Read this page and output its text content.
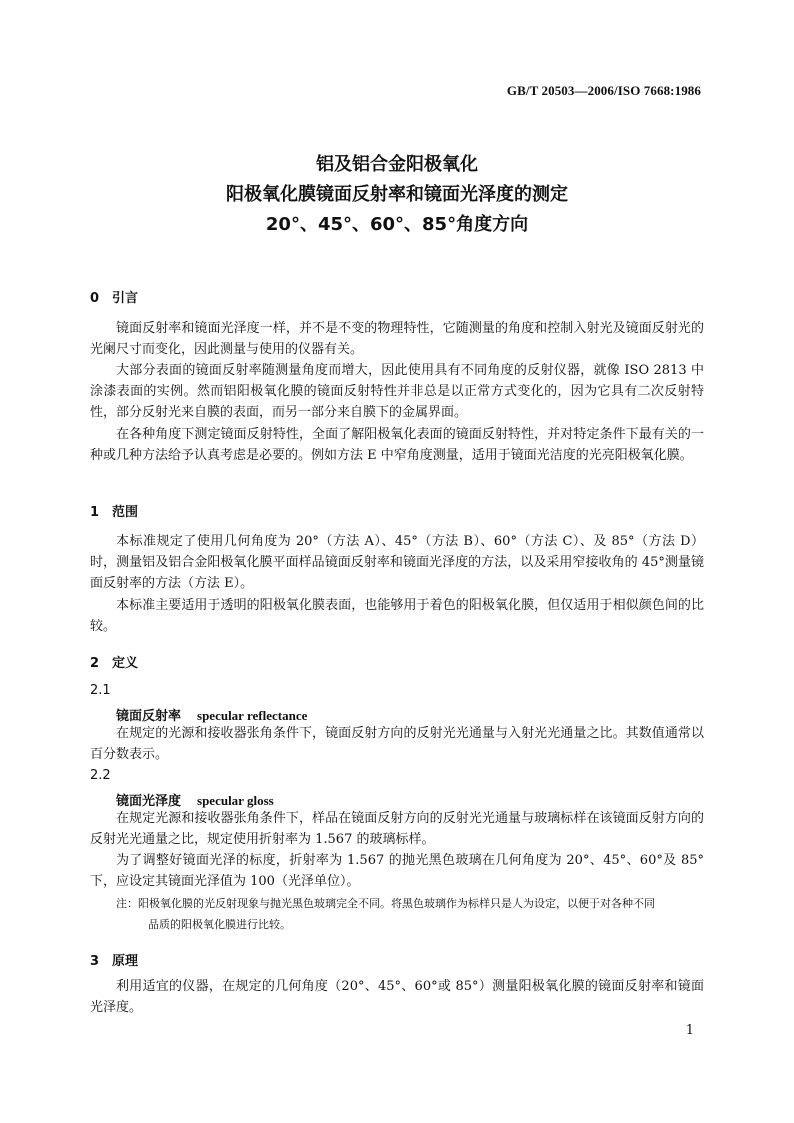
GB/T 20503—2006/ISO 7668:1986
铝及铝合金阳极氧化
阳极氧化膜镜面反射率和镜面光泽度的测定
20°、45°、60°、85°角度方向
0 引言
镜面反射率和镜面光泽度一样，并不是不变的物理特性，它随测量的角度和控制入射光及镜面反射光的光阑尺寸而变化，因此测量与使用的仪器有关。
大部分表面的镜面反射率随测量角度而增大，因此使用具有不同角度的反射仪器，就像 ISO 2813 中涂漆表面的实例。然而铝阳极氧化膜的镜面反射特性并非总是以正常方式变化的，因为它具有二次反射特性，部分反射光来自膜的表面，而另一部分来自膜下的金属界面。
在各种角度下测定镜面反射特性，全面了解阳极氧化表面的镜面反射特性，并对特定条件下最有关的一种或几种方法给予认真考虑是必要的。例如方法 E 中窄角度测量，适用于镜面光洁度的光亮阳极氧化膜。
1 范围
本标准规定了使用几何角度为 20°（方法 A）、45°（方法 B）、60°（方法 C）、及 85°（方法 D）时，测量铝及铝合金阳极氧化膜平面样品镜面反射率和镜面光泽度的方法，以及采用窄接收角的 45°测量镜面反射率的方法（方法 E）。
本标准主要适用于透明的阳极氧化膜表面，也能够用于着色的阳极氧化膜，但仅适用于相似颜色间的比较。
2 定义
2.1
镜面反射率 specular reflectance
在规定的光源和接收器张角条件下，镜面反射方向的反射光光通量与入射光光通量之比。其数值通常以百分数表示。
2.2
镜面光泽度 specular gloss
在规定光源和接收器张角条件下，样品在镜面反射方向的反射光光通量与玻璃标样在该镜面反射方向的反射光光通量之比，规定使用折射率为 1.567 的玻璃标样。
为了调整好镜面光泽的标度，折射率为 1.567 的抛光黑色玻璃在几何角度为 20°、45°、60°及 85°下，应设定其镜面光泽值为 100（光泽单位）。
注：阳极氧化膜的光反射现象与抛光黑色玻璃完全不同。将黑色玻璃作为标样只是人为设定，以便于对各种不同
品质的阳极氧化膜进行比较。
3 原理
利用适宜的仪器，在规定的几何角度（20°、45°、60°或 85°）测量阳极氧化膜的镜面反射率和镜面光泽度。
1
